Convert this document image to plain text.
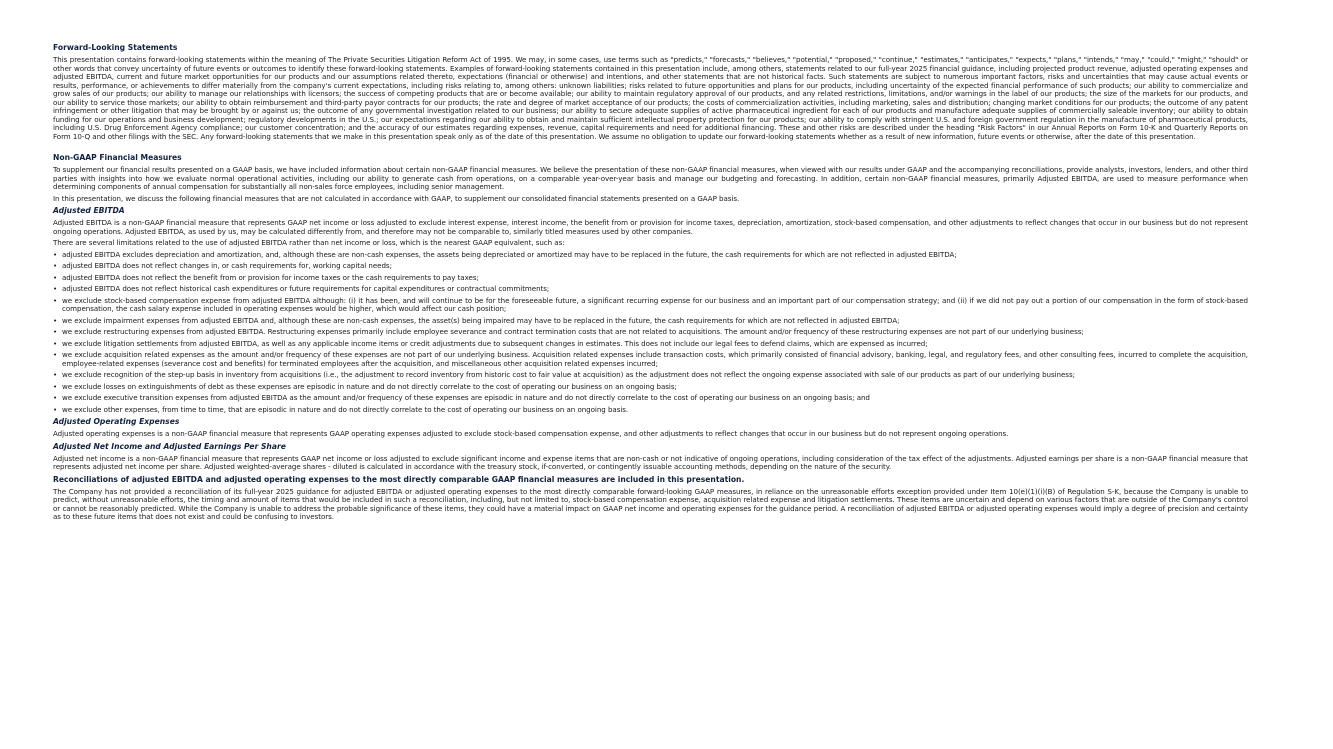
Forward-Looking Statements

This presentation contains forward-looking statements within the meaning of The Private Securities Litigation Reform Act of 1995. We may, in some cases, use terms such as "predicts," "forecasts," "believes," "potential," "proposed," "continue," "estimates," "anticipates," "expects," "plans," "intends," "may," "could," "might," "should" or other words that convey uncertainty of future events or outcomes to identify these forward-looking statements. Examples of forward-looking statements contained in this presentation include, among others, statements related to our full-year 2025 financial guidance, including projected product revenue, adjusted operating expenses and adjusted EBITDA, current and future market opportunities for our products and our assumptions related thereto, expectations (financial or otherwise) and intentions, and other statements that are not historical facts. Such statements are subject to numerous important factors, risks and uncertainties that may cause actual events or results, performance, or achievements to differ materially from the company's current expectations, including risks relating to, among others: unknown liabilities; risks related to future opportunities and plans for our products, including uncertainty of the expected financial performance of such products; our ability to commercialize and grow sales of our products; our ability to manage our relationships with licensors; the success of competing products that are or become available; our ability to maintain regulatory approval of our products, and any related restrictions, limitations, and/or warnings in the label of our products; the size of the markets for our products, and our ability to service those markets; our ability to obtain reimbursement and third-party payor contracts for our products; the rate and degree of market acceptance of our products; the costs of commercialization activities, including marketing, sales and distribution; changing market conditions for our products; the outcome of any patent infringement or other litigation that may be brought by or against us; the outcome of any governmental investigation related to our business; our ability to secure adequate supplies of active pharmaceutical ingredient for each of our products and manufacture adequate supplies of commercially saleable inventory; our ability to obtain funding for our operations and business development; regulatory developments in the U.S.; our expectations regarding our ability to obtain and maintain sufficient intellectual property protection for our products; our ability to comply with stringent U.S. and foreign government regulation in the manufacture of pharmaceutical products, including U.S. Drug Enforcement Agency compliance; our customer concentration; and the accuracy of our estimates regarding expenses, revenue, capital requirements and need for additional financing. These and other risks are described under the heading "Risk Factors" in our Annual Reports on Form 10-K and Quarterly Reports on Form 10-Q and other filings with the SEC. Any forward-looking statements that we make in this presentation speak only as of the date of this presentation. We assume no obligation to update our forward-looking statements whether as a result of new information, future events or otherwise, after the date of this presentation.

Non-GAAP Financial Measures

To supplement our financial results presented on a GAAP basis, we have included information about certain non-GAAP financial measures. We believe the presentation of these non-GAAP financial measures, when viewed with our results under GAAP and the accompanying reconciliations, provide analysts, investors, lenders, and other third parties with insights into how we evaluate normal operational activities, including our ability to generate cash from operations, on a comparable year-over-year basis and manage our budgeting and forecasting. In addition, certain non-GAAP financial measures, primarily Adjusted EBITDA, are used to measure performance when determining components of annual compensation for substantially all non-sales force employees, including senior management.

In this presentation, we discuss the following financial measures that are not calculated in accordance with GAAP, to supplement our consolidated financial statements presented on a GAAP basis.

Adjusted EBITDA

Adjusted EBITDA is a non-GAAP financial measure that represents GAAP net income or loss adjusted to exclude interest expense, interest income, the benefit from or provision for income taxes, depreciation, amortization, stock-based compensation, and other adjustments to reflect changes that occur in our business but do not represent ongoing operations. Adjusted EBITDA, as used by us, may be calculated differently from, and therefore may not be comparable to, similarly titled measures used by other companies.

There are several limitations related to the use of adjusted EBITDA rather than net income or loss, which is the nearest GAAP equivalent, such as:

• adjusted EBITDA excludes depreciation and amortization, and, although these are non-cash expenses, the assets being depreciated or amortized may have to be replaced in the future, the cash requirements for which are not reflected in adjusted EBITDA;
• adjusted EBITDA does not reflect changes in, or cash requirements for, working capital needs;
• adjusted EBITDA does not reflect the benefit from or provision for income taxes or the cash requirements to pay taxes;
• adjusted EBITDA does not reflect historical cash expenditures or future requirements for capital expenditures or contractual commitments;
• we exclude stock-based compensation expense from adjusted EBITDA although: (i) it has been, and will continue to be for the foreseeable future, a significant recurring expense for our business and an important part of our compensation strategy; and (ii) if we did not pay out a portion of our compensation in the form of stock-based compensation, the cash salary expense included in operating expenses would be higher, which would affect our cash position;
• we exclude impairment expenses from adjusted EBITDA and, although these are non-cash expenses, the asset(s) being impaired may have to be replaced in the future, the cash requirements for which are not reflected in adjusted EBITDA;
• we exclude restructuring expenses from adjusted EBITDA. Restructuring expenses primarily include employee severance and contract termination costs that are not related to acquisitions. The amount and/or frequency of these restructuring expenses are not part of our underlying business;
• we exclude litigation settlements from adjusted EBITDA, as well as any applicable income items or credit adjustments due to subsequent changes in estimates. This does not include our legal fees to defend claims, which are expensed as incurred;
• we exclude acquisition related expenses as the amount and/or frequency of these expenses are not part of our underlying business. Acquisition related expenses include transaction costs, which primarily consisted of financial advisory, banking, legal, and regulatory fees, and other consulting fees, incurred to complete the acquisition, employee-related expenses (severance cost and benefits) for terminated employees after the acquisition, and miscellaneous other acquisition related expenses incurred;
• we exclude recognition of the step-up basis in inventory from acquisitions (i.e., the adjustment to record inventory from historic cost to fair value at acquisition) as the adjustment does not reflect the ongoing expense associated with sale of our products as part of our underlying business;
• we exclude losses on extinguishments of debt as these expenses are episodic in nature and do not directly correlate to the cost of operating our business on an ongoing basis;
• we exclude executive transition expenses from adjusted EBITDA as the amount and/or frequency of these expenses are episodic in nature and do not directly correlate to the cost of operating our business on an ongoing basis; and
• we exclude other expenses, from time to time, that are episodic in nature and do not directly correlate to the cost of operating our business on an ongoing basis.
Adjusted Operating Expenses

Adjusted operating expenses is a non-GAAP financial measure that represents GAAP operating expenses adjusted to exclude stock-based compensation expense, and other adjustments to reflect changes that occur in our business but do not represent ongoing operations.

Adjusted Net Income and Adjusted Earnings Per Share

Adjusted net income is a non-GAAP financial measure that represents GAAP net income or loss adjusted to exclude significant income and expense items that are non-cash or not indicative of ongoing operations, including consideration of the tax effect of the adjustments. Adjusted earnings per share is a non-GAAP financial measure that represents adjusted net income per share. Adjusted weighted-average shares - diluted is calculated in accordance with the treasury stock, if-converted, or contingently issuable accounting methods, depending on the nature of the security.

Reconciliations of adjusted EBITDA and adjusted operating expenses to the most directly comparable GAAP financial measures are included in this presentation.

The Company has not provided a reconciliation of its full-year 2025 guidance for adjusted EBITDA or adjusted operating expenses to the most directly comparable forward-looking GAAP measures, in reliance on the unreasonable efforts exception provided under Item 10(e)(1)(i)(B) of Regulation S-K, because the Company is unable to predict, without unreasonable efforts, the timing and amount of items that would be included in such a reconciliation, including, but not limited to, stock-based compensation expense, acquisition related expense and litigation settlements. These items are uncertain and depend on various factors that are outside of the Company's control or cannot be reasonably predicted. While the Company is unable to address the probable significance of these items, they could have a material impact on GAAP net income and operating expenses for the guidance period. A reconciliation of adjusted EBITDA or adjusted operating expenses would imply a degree of precision and certainty as to these future items that does not exist and could be confusing to investors.
